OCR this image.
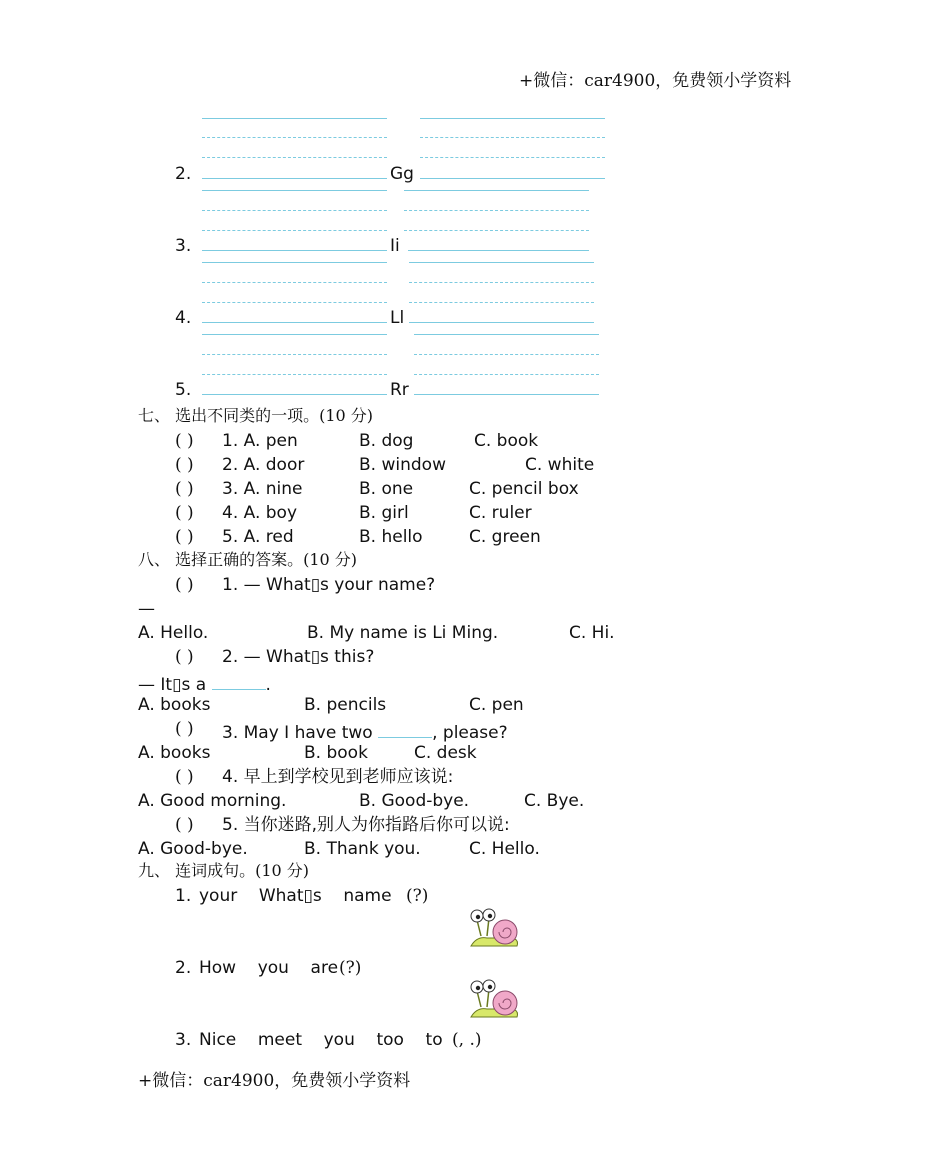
+微信：car4900，免费领小学资料
2.	Gg
3.	Ii
4.	Ll
5.	Rr
七、 选出不同类的一项。(10 分)
( ) 1. A. pen	B. dog	C. book
( ) 2. A. door	B. window	C. white
( ) 3. A. nine	B. one	C. pencil box
( ) 4. A. boy	B. girl	C. ruler
( ) 5. A. red	B. hello	C. green
八、 选择正确的答案。(10 分)
( ) 1. — What▯s your name?
—
A. Hello.	B. My name is Li Ming.	C. Hi.
( ) 2. — What▯s this?
— It▯s a	.
A. books	B. pencils	C. pen
( ) 3. May I have two	, please?
A. books	B. book	C. desk
( ) 4. 早上到学校见到老师应该说:
A. Good morning.	B. Good-bye.	C. Bye.
( ) 5. 当你迷路,别人为你指路后你可以说:
A. Good-bye.	B. Thank you.	C. Hello.
九、 连词成句。(10 分)
1. your    What▯s    name (?)
2. How    you    are (?)
3. Nice    meet    you    too    to (, .)
+微信：car4900，免费领小学资料
